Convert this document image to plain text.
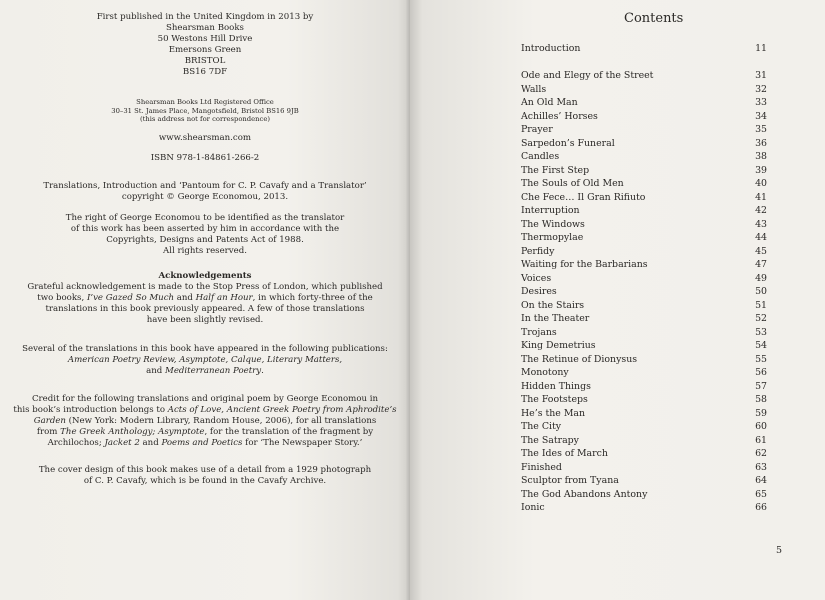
First published in the United Kingdom in 2013 by
Shearsman Books
50 Westons Hill Drive
Emersons Green
BRISTOL
BS16 7DF
Shearsman Books Ltd Registered Office
30–31 St. James Place, Mangotsfield, Bristol BS16 9JB
(this address not for correspondence)
www.shearsman.com
ISBN 978-1-84861-266-2
Translations, Introduction and ‘Pantoum for C. P. Cavafy and a Translator’
copyright © George Economou, 2013.
The right of George Economou to be identified as the translator
of this work has been asserted by him in accordance with the
Copyrights, Designs and Patents Act of 1988.
All rights reserved.
Acknowledgements
Grateful acknowledgement is made to the Stop Press of London, which published
two books, I’ve Gazed So Much and Half an Hour, in which forty-three of the
translations in this book previously appeared. A few of those translations
have been slightly revised.
Several of the translations in this book have appeared in the following publications:
American Poetry Review, Asymptote, Calque, Literary Matters,
and Mediterranean Poetry.
Credit for the following translations and original poem by George Economou in
this book’s introduction belongs to Acts of Love, Ancient Greek Poetry from Aphrodite’s
Garden (New York: Modern Library, Random House, 2006), for all translations
from The Greek Anthology; Asymptote, for the translation of the fragment by
Archilochos; Jacket 2 and Poems and Poetics for ‘The Newspaper Story.’
The cover design of this book makes use of a detail from a 1929 photograph
of C. P. Cavafy, which is be found in the Cavafy Archive.
Contents
Introduction	11
Ode and Elegy of the Street	31
Walls	32
An Old Man	33
Achilles’ Horses	34
Prayer	35
Sarpedon’s Funeral	36
Candles	38
The First Step	39
The Souls of Old Men	40
Che Fece… Il Gran Rifiuto	41
Interruption	42
The Windows	43
Thermopylae	44
Perfidy	45
Waiting for the Barbarians	47
Voices	49
Desires	50
On the Stairs	51
In the Theater	52
Trojans	53
King Demetrius	54
The Retinue of Dionysus	55
Monotony	56
Hidden Things	57
The Footsteps	58
He’s the Man	59
The City	60
The Satrapy	61
The Ides of March	62
Finished	63
Sculptor from Tyana	64
The God Abandons Antony	65
Ionic	66
5
